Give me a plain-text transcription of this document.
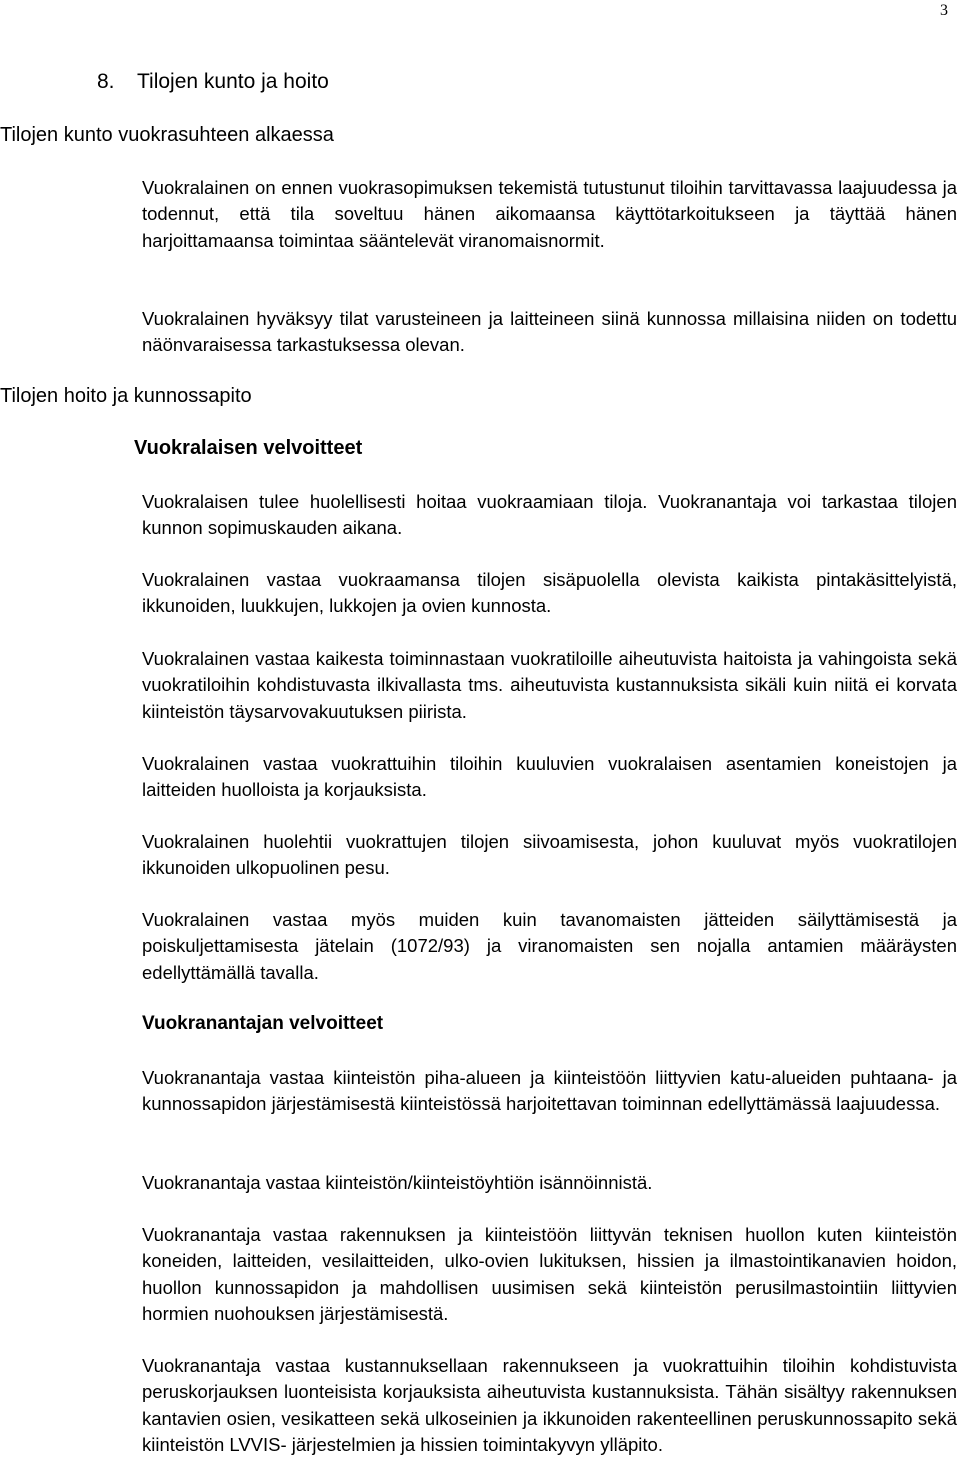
3
8. Tilojen kunto ja hoito
Tilojen kunto vuokrasuhteen alkaessa
Vuokralainen on ennen vuokrasopimuksen tekemistä tutustunut tiloihin tarvittavassa laajuudessa ja todennut, että tila soveltuu hänen aikomaansa käyttötarkoitukseen ja täyttää hänen harjoittamaansa toimintaa sääntelevät viranomaisnormit.
Vuokralainen hyväksyy tilat varusteineen ja laitteineen siinä kunnossa millaisina niiden on todettu näönvaraisessa tarkastuksessa olevan.
Tilojen hoito ja kunnossapito
Vuokralaisen velvoitteet
Vuokralaisen tulee huolellisesti hoitaa vuokraamiaan tiloja. Vuokranantaja voi tarkastaa tilojen kunnon sopimuskauden aikana.
Vuokralainen vastaa vuokraamansa tilojen sisäpuolella olevista kaikista pintakäsittelyistä, ikkunoiden, luukkujen, lukkojen ja ovien kunnosta.
Vuokralainen vastaa kaikesta toiminnastaan vuokratiloille aiheutuvista haitoista ja vahingoista sekä vuokratiloihin kohdistuvasta ilkivallasta tms. aiheutuvista kustannuksista sikäli kuin niitä ei korvata kiinteistön täysarvovakuutuksen piirista.
Vuokralainen vastaa vuokrattuihin tiloihin kuuluvien vuokralaisen asentamien koneistojen ja laitteiden huolloista ja korjauksista.
Vuokralainen huolehtii vuokrattujen tilojen siivoamisesta, johon kuuluvat myös vuokratilojen ikkunoiden ulkopuolinen pesu.
Vuokralainen vastaa myös muiden kuin tavanomaisten jätteiden säilyttämisestä ja poiskuljettamisesta jätelain (1072/93) ja viranomaisten sen nojalla antamien määräysten edellyttämällä tavalla.
Vuokranantajan velvoitteet
Vuokranantaja vastaa kiinteistön piha-alueen ja kiinteistöön liittyvien katu-alueiden puhtaana- ja kunnossapidon järjestämisestä kiinteistössä harjoitettavan toiminnan edellyttämässä laajuudessa.
Vuokranantaja vastaa kiinteistön/kiinteistöyhtiön isännöinnistä.
Vuokranantaja vastaa rakennuksen ja kiinteistöön liittyvän teknisen huollon kuten kiinteistön koneiden, laitteiden, vesilaitteiden, ulko-ovien lukituksen, hissien ja ilmastointikanavien hoidon, huollon kunnossapidon ja mahdollisen uusimisen sekä kiinteistön perusilmastointiin liittyvien hormien nuohouksen järjestämisestä.
Vuokranantaja vastaa kustannuksellaan rakennukseen ja vuokrattuihin tiloihin kohdistuvista peruskorjauksen luonteisista korjauksista aiheutuvista kustannuksista. Tähän sisältyy rakennuksen kantavien osien, vesikatteen sekä ulkoseinien ja ikkunoiden rakenteellinen peruskunnossapito sekä kiinteistön LVVIS- järjestelmien ja hissien toimintakyvyn ylläpito.
